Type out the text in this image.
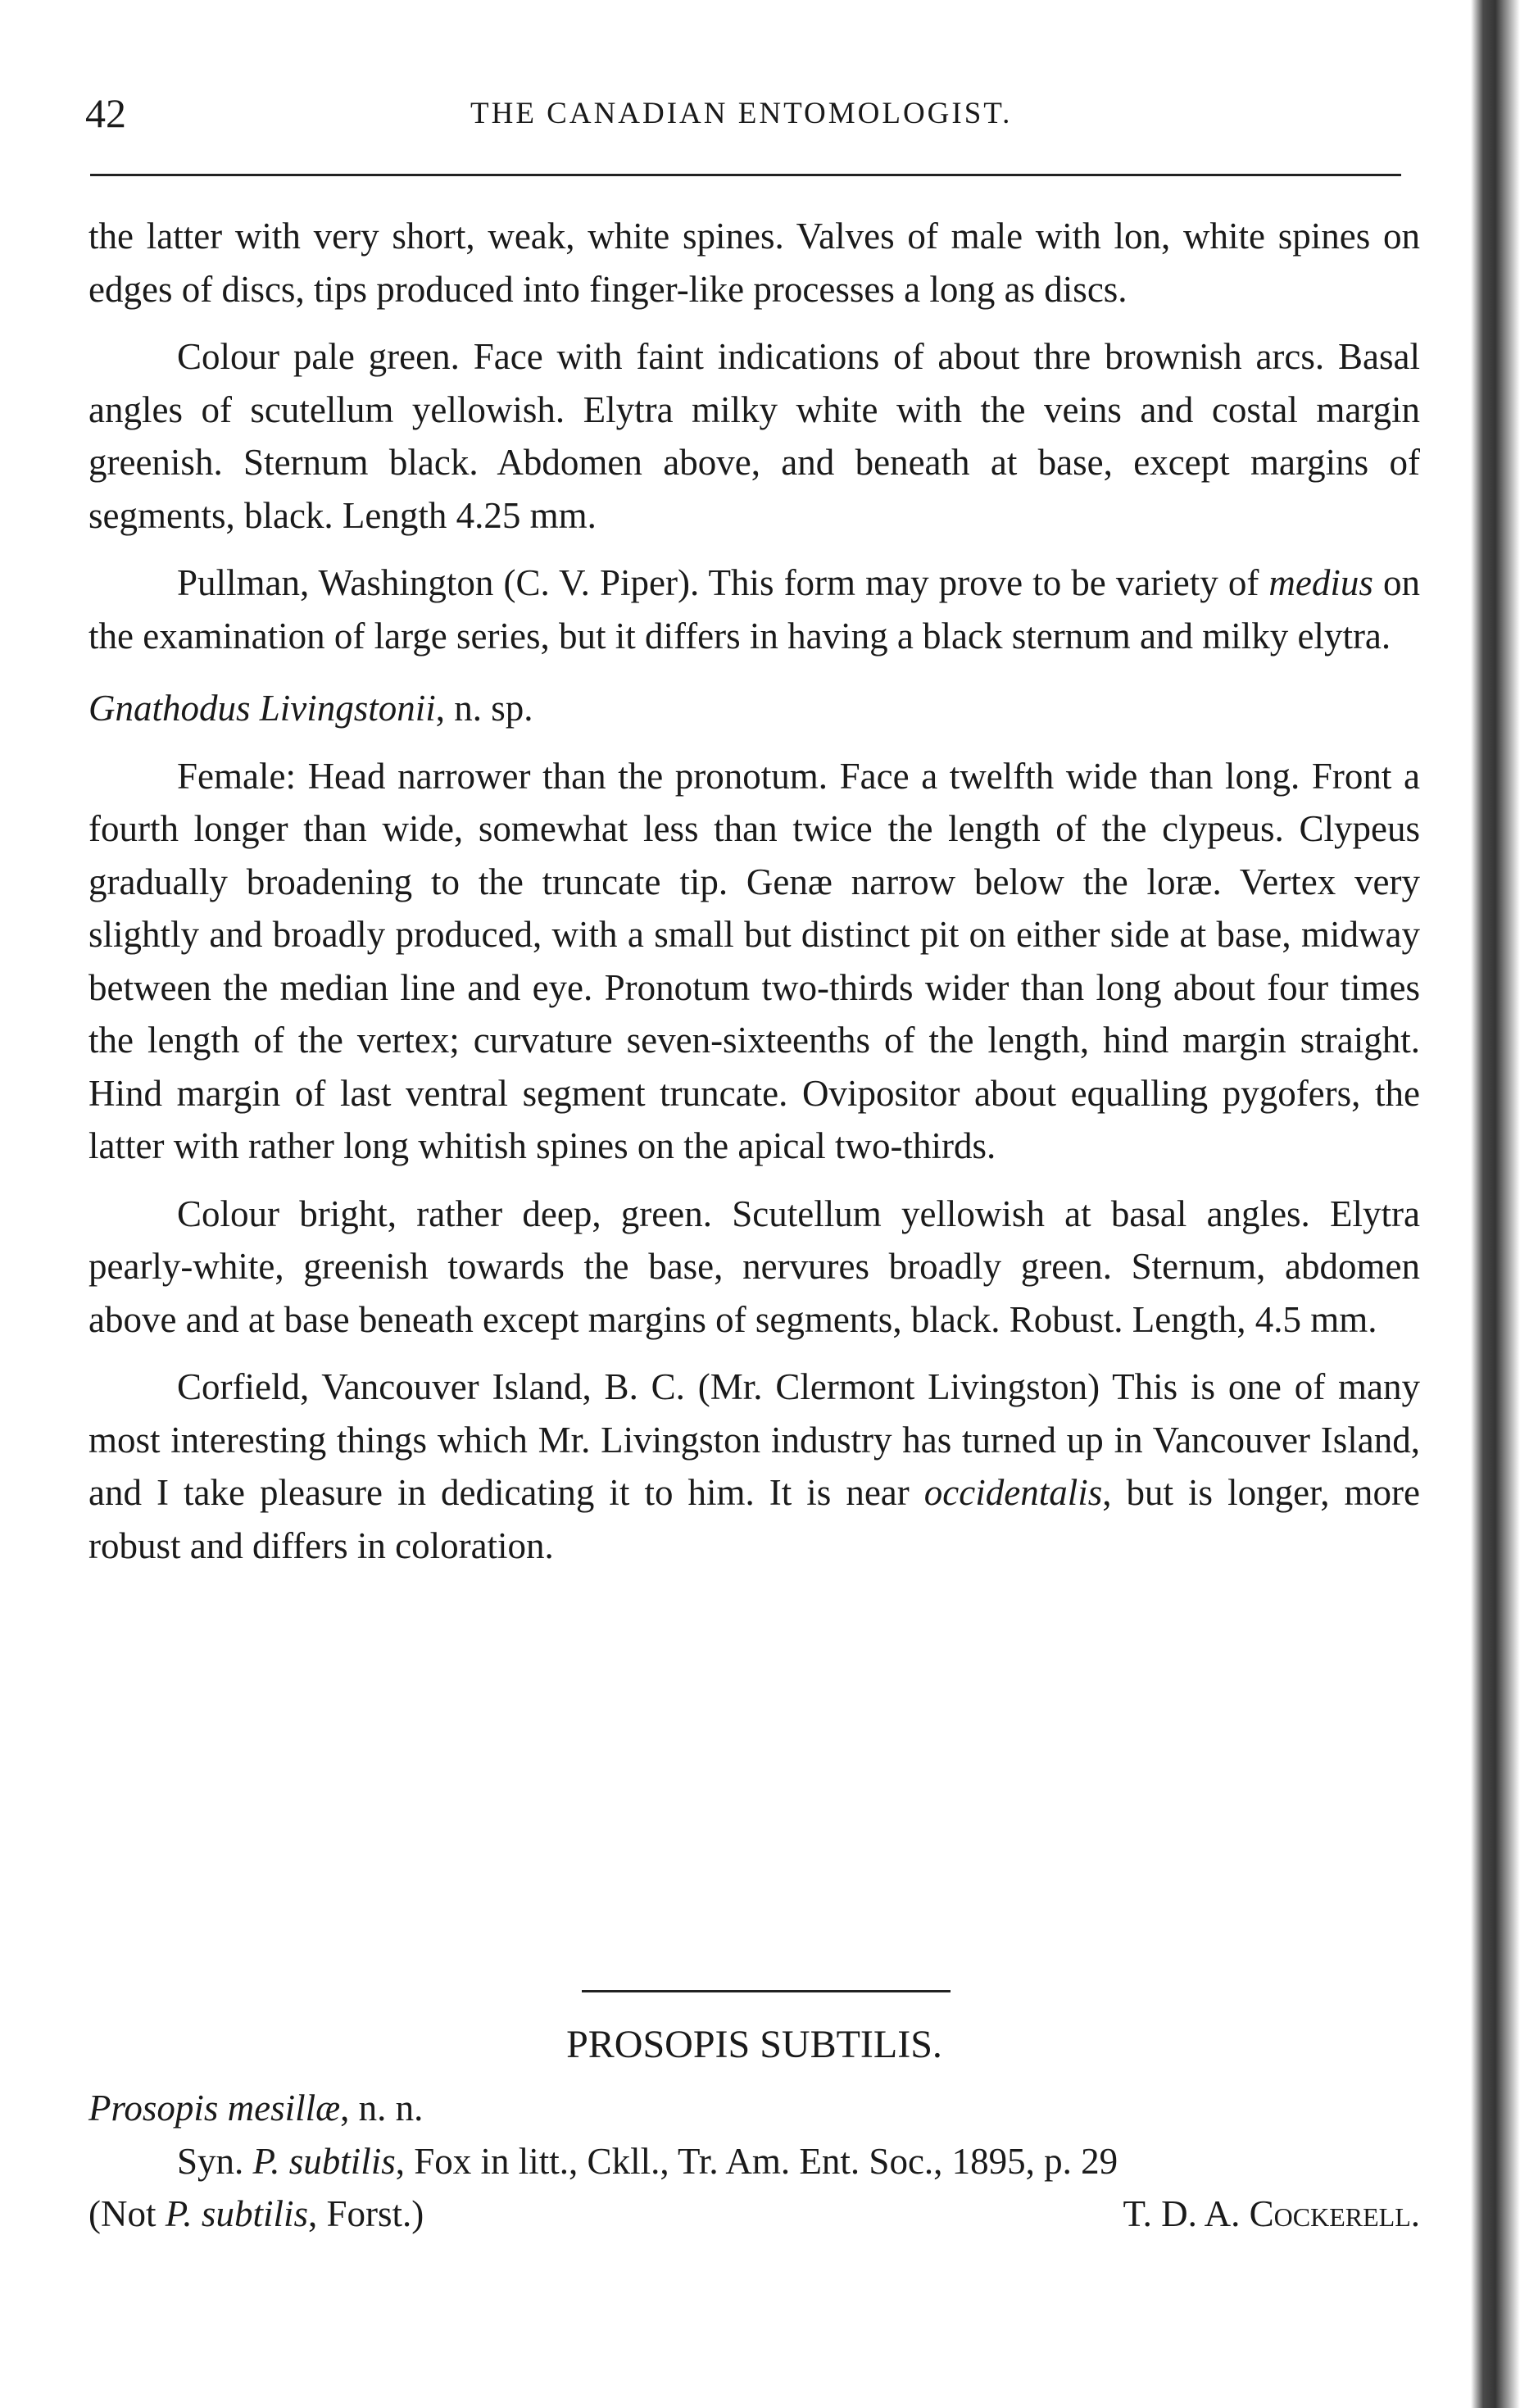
42	THE CANADIAN ENTOMOLOGIST.

the latter with very short, weak, white spines. Valves of male with lon, white spines on edges of discs, tips produced into finger-like processes a long as discs.

Colour pale green. Face with faint indications of about thre brownish arcs. Basal angles of scutellum yellowish. Elytra milky white with the veins and costal margin greenish. Sternum black. Abdomen above, and beneath at base, except margins of segments, black. Length 4.25 mm.

Pullman, Washington (C. V. Piper). This form may prove to be variety of medius on the examination of large series, but it differs in having a black sternum and milky elytra.

Gnathodus Livingstonii, n. sp.

Female: Head narrower than the pronotum. Face a twelfth wide than long. Front a fourth longer than wide, somewhat less than twice the length of the clypeus. Clypeus gradually broadening to the truncate tip. Genæ narrow below the loræ. Vertex very slightly and broadly produced, with a small but distinct pit on either side at base, midway between the median line and eye. Pronotum two-thirds wider than long about four times the length of the vertex; curvature seven-sixteenths of the length, hind margin straight. Hind margin of last ventral segment truncate. Ovipositor about equalling pygofers, the latter with rather long whitish spines on the apical two-thirds.

Colour bright, rather deep, green. Scutellum yellowish at basal angles. Elytra pearly-white, greenish towards the base, nervures broadly green. Sternum, abdomen above and at base beneath except margins of segments, black. Robust. Length, 4.5 mm.

Corfield, Vancouver Island, B. C. (Mr. Clermont Livingston) This is one of many most interesting things which Mr. Livingston industry has turned up in Vancouver Island, and I take pleasure in dedicating it to him. It is near occidentalis, but is longer, more robust and differs in coloration.

PROSOPIS SUBTILIS.

Prosopis mesillæ, n. n.

Syn. P. subtilis, Fox in litt., Ckll., Tr. Am. Ent. Soc., 1895, p. 29

(Not P. subtilis, Forst.)	T. D. A. Cockerell.
